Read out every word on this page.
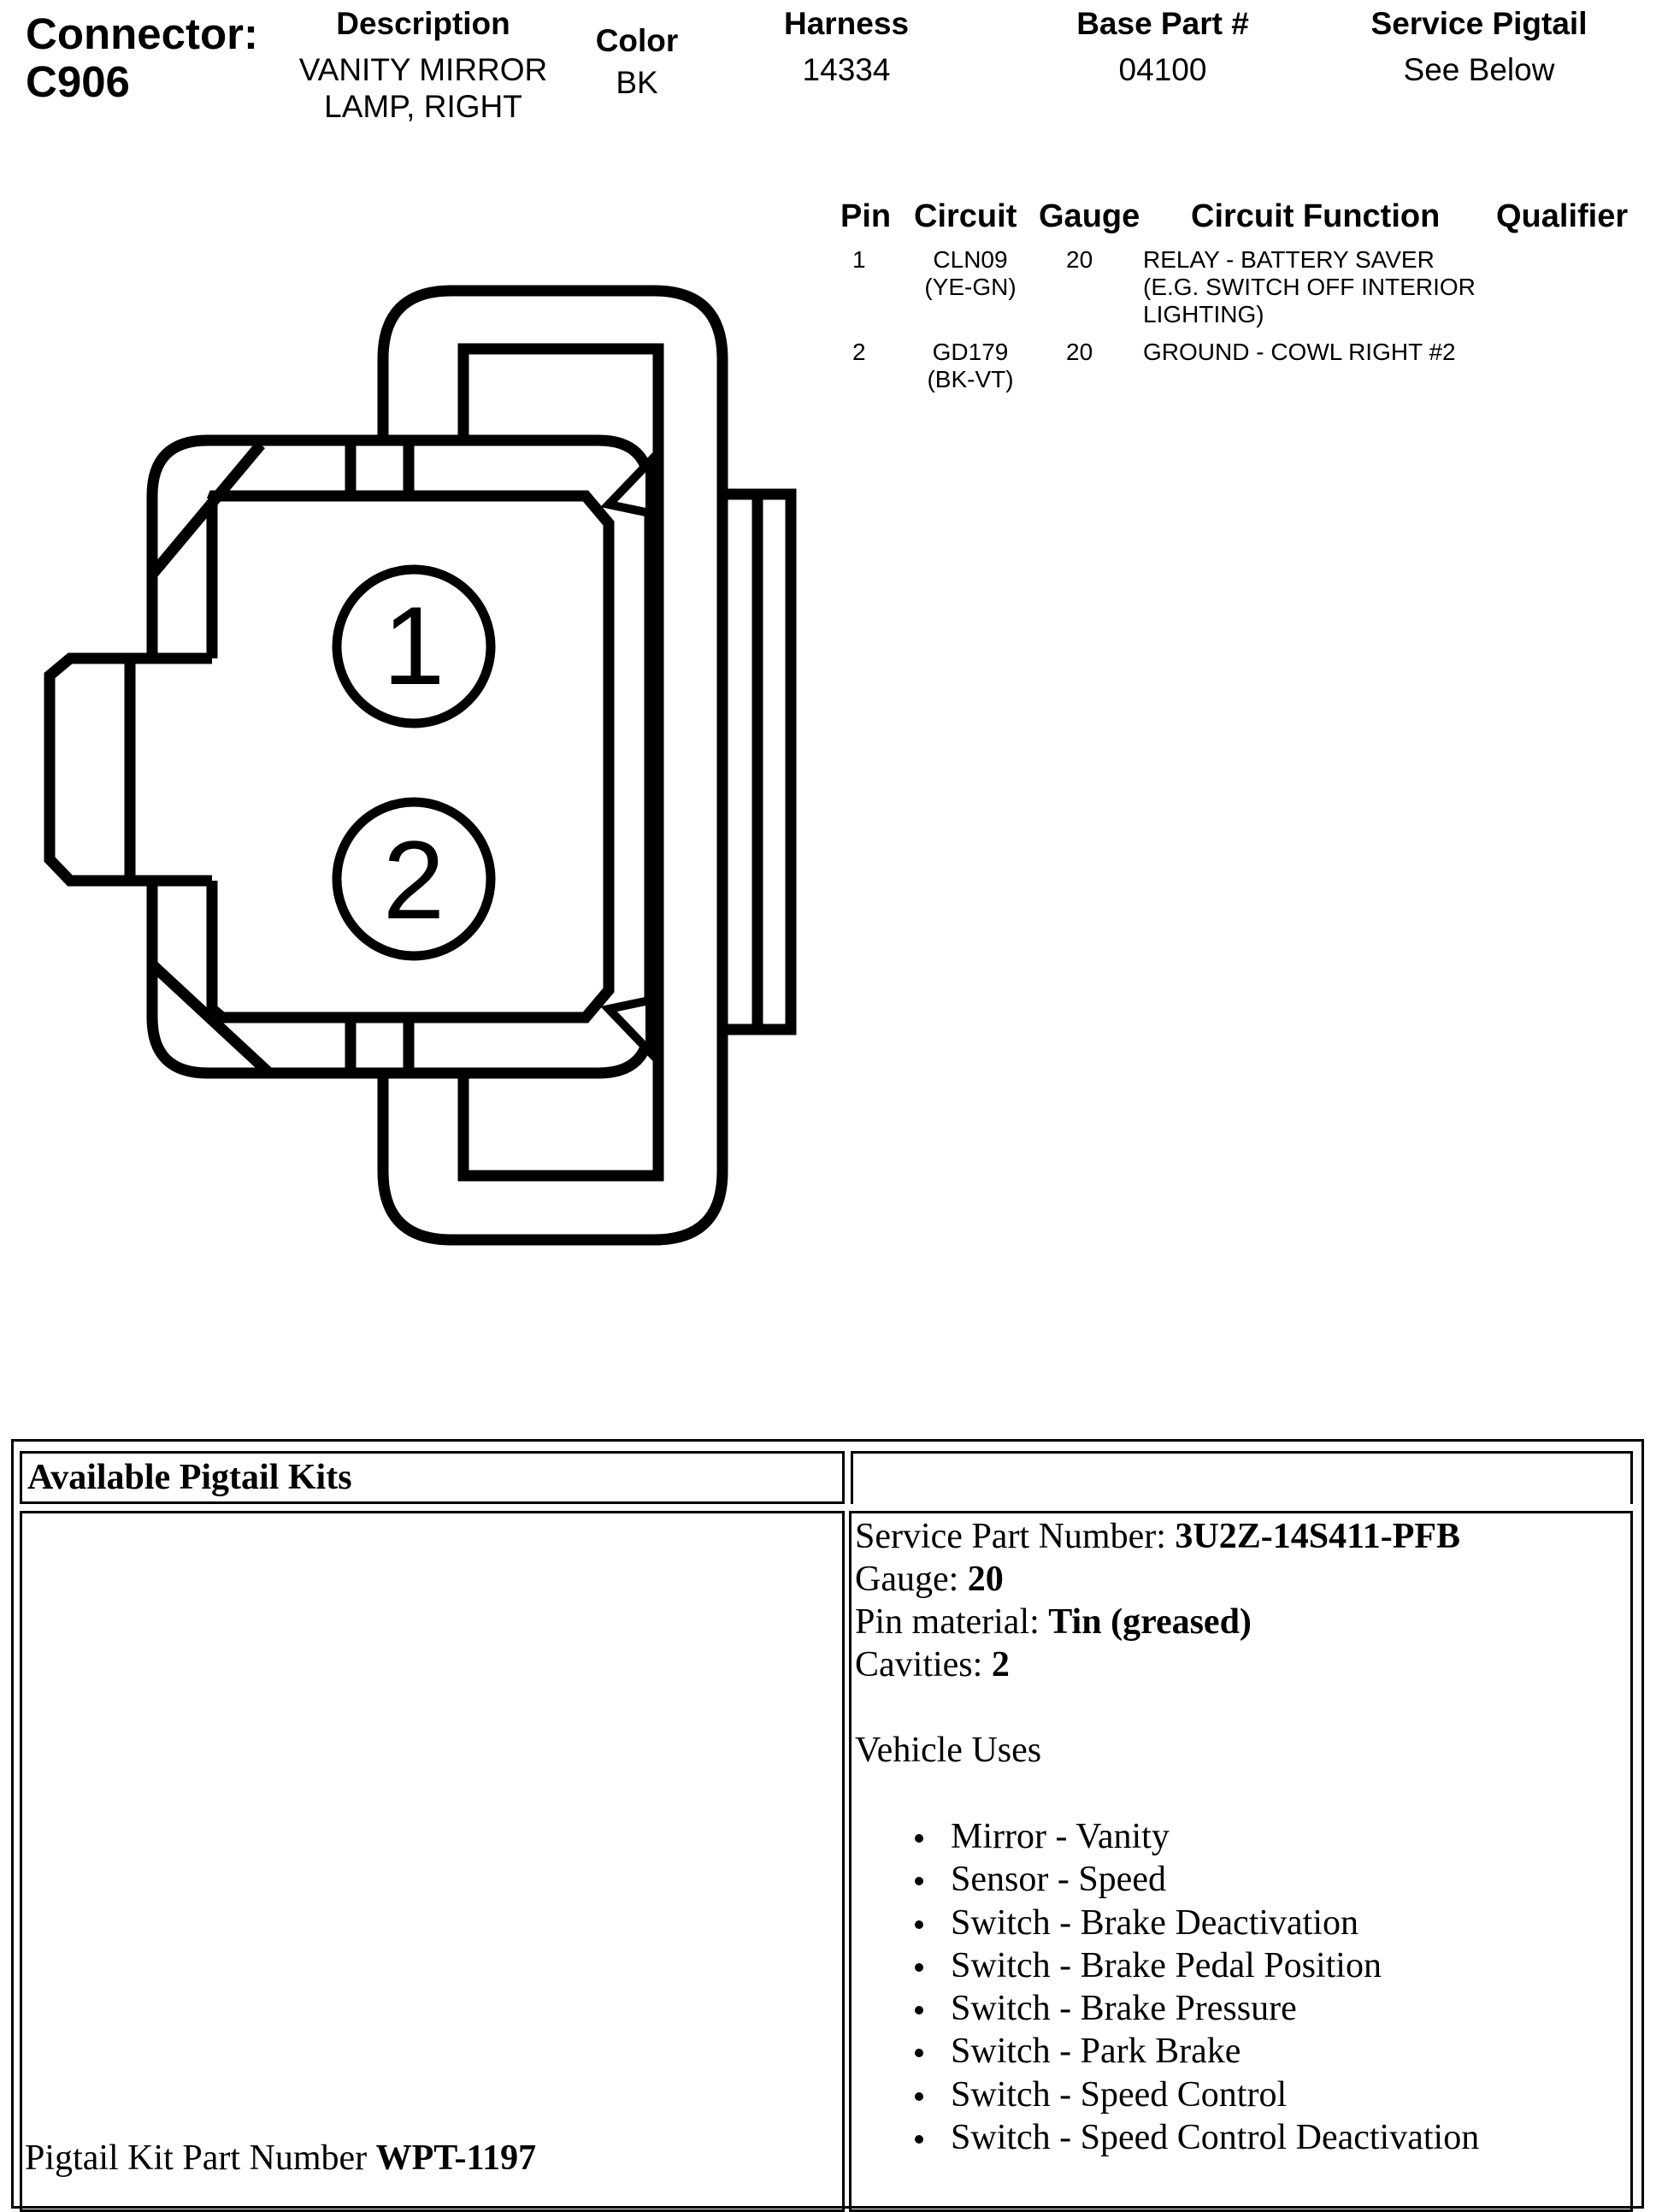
Connector:
C906
Description
VANITY MIRROR
LAMP, RIGHT
Color
BK
Harness
14334
Base Part #
04100
Service Pigtail
See Below
Pin Circuit Gauge Circuit Function Qualifier
1	CLN09
(YE-GN)
20 RELAY - BATTERY SAVER
(E.G. SWITCH OFF INTERIOR
LIGHTING)
2	GD179
(BK-VT)
20 GROUND - COWL RIGHT #2
1
2
Available Pigtail Kits
Pigtail Kit Part Number WPT-1197
Service Part Number: 3U2Z-14S411-PFB
Gauge: 20
Pin material: Tin (greased)
Cavities: 2
Vehicle Uses
Mirror - Vanity
Sensor - Speed
Switch - Brake Deactivation
Switch - Brake Pedal Position
Switch - Brake Pressure
Switch - Park Brake
Switch - Speed Control
Switch - Speed Control Deactivation
